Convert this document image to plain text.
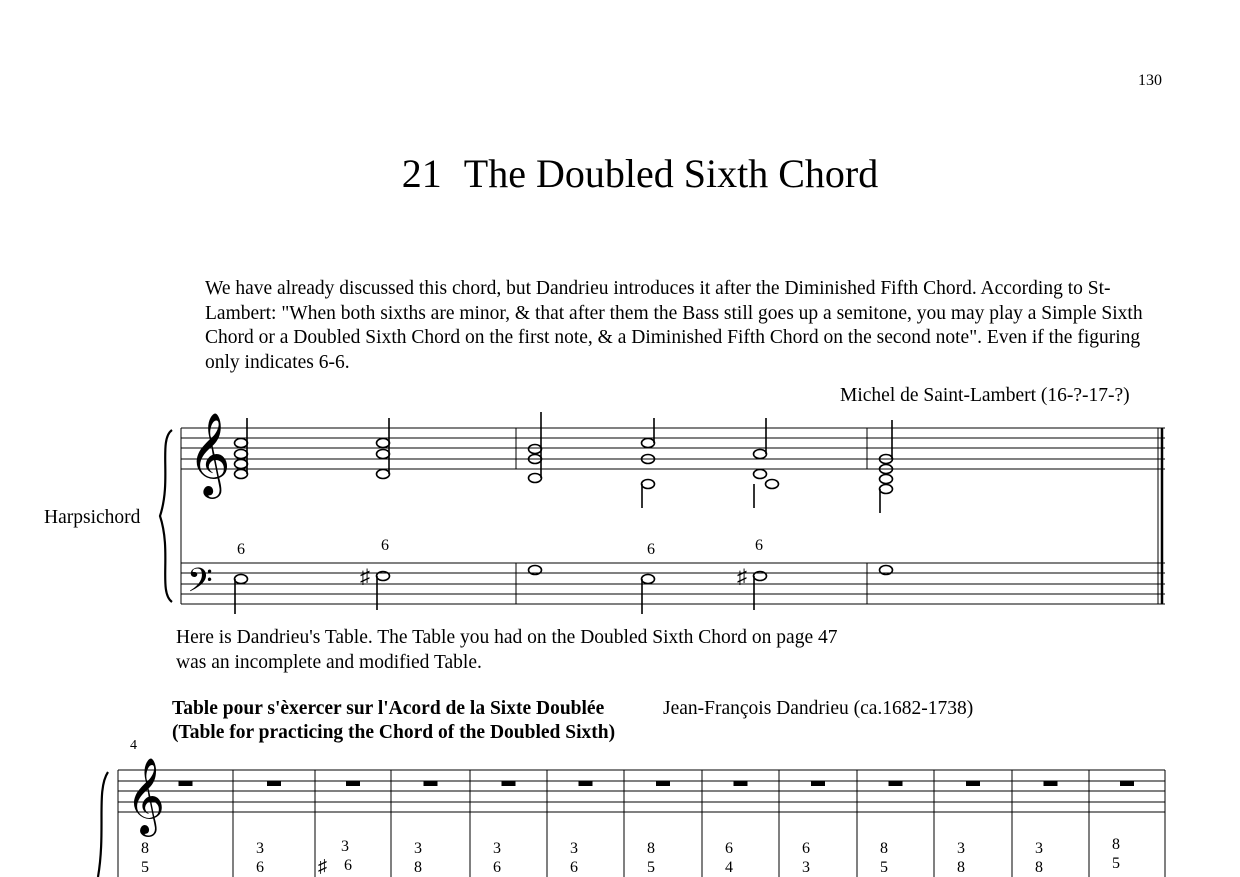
130
21 The Doubled Sixth Chord
We have already discussed this chord, but Dandrieu introduces it after the Diminished Fifth Chord. According to St-Lambert: "When both sixths are minor, & that after them the Bass still goes up a semitone, you may play a Simple Sixth Chord or a Doubled Sixth Chord on the first note, & a Diminished Fifth Chord on the second note". Even if the figuring only indicates 6-6.
Michel de Saint-Lambert (16-?-17-?)
Harpsichord
𝄞
𝄢	♯	♯
6	6	6	6
Here is Dandrieu's Table. The Table you had on the Doubled Sixth Chord on page 47
was an incomplete and modified Table.
Table pour s'èxercer sur l'Acord de la Sixte Doublée	Jean-François Dandrieu (ca.1682-1738)
(Table for practicing the Chord of the Doubled Sixth)
4
𝄞
8
5
3
6
3
6
3
8
3
6
3
6
8
5
6
4
6
3
8
5
3
8
3
8
8
5
♯
